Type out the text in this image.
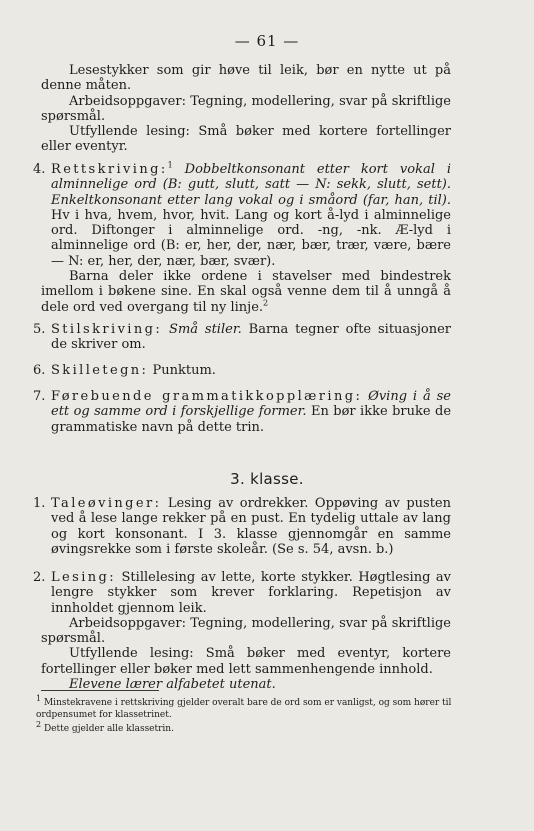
— 61 —

Lesestykker som gir høve til leik, bør en nytte ut på denne måten.

Arbeidsoppgaver: Tegning, modellering, svar på skriftlige spørsmål.

Utfyllende lesing: Små bøker med kortere fortellinger eller eventyr.

4. Rettskriving:$^1$ Dobbeltkonsonant etter kort vokal i alminnelige ord (B: gutt, slutt, satt — N: sekk, slutt, sett). Enkeltkonsonant etter lang vokal og i småord (far, han, til). Hv i hva, hvem, hvor, hvit. Lang og kort å-lyd i alminnelige ord. Diftonger i alminnelige ord. -ng, -nk. Æ-lyd i alminnelige ord (B: er, her, der, nær, bær, trær, være, bære — N: er, her, der, nær, bær, svær).

Barna deler ikke ordene i stavelser med bindestrek imellom i bøkene sine. En skal også venne dem til å unngå å dele ord ved overgang til ny linje.$^2$

5. Stilskriving: Små stiler. Barna tegner ofte situasjoner de skriver om.

6. Skilletegn: Punktum.

7. Førebuende grammatikkopplæring: Øving i å se ett og samme ord i forskjellige former. En bør ikke bruke de grammatiske navn på dette trin.

3. klasse.
1. Taleøvinger: Lesing av ordrekker. Oppøving av pusten ved å lese lange rekker på en pust. En tydelig uttale av lang og kort konsonant. I 3. klasse gjennomgår en samme øvingsrekke som i første skoleår. (Se s. 54, avsn. b.)

2. Lesing: Stillelesing av lette, korte stykker. Høgtlesing av lengre stykker som krever forklaring. Repetisjon av innholdet gjennom leik.

Arbeidsoppgaver: Tegning, modellering, svar på skriftlige spørsmål.

Utfyllende lesing: Små bøker med eventyr, kortere fortellinger eller bøker med lett sammenhengende innhold.

Elevene lærer alfabetet utenat.

$^1$ Minstekravene i rettskriving gjelder overalt bare de ord som er vanligst, og som hører til ordpensumet for klassetrinet.
$^2$ Dette gjelder alle klassetrin.
